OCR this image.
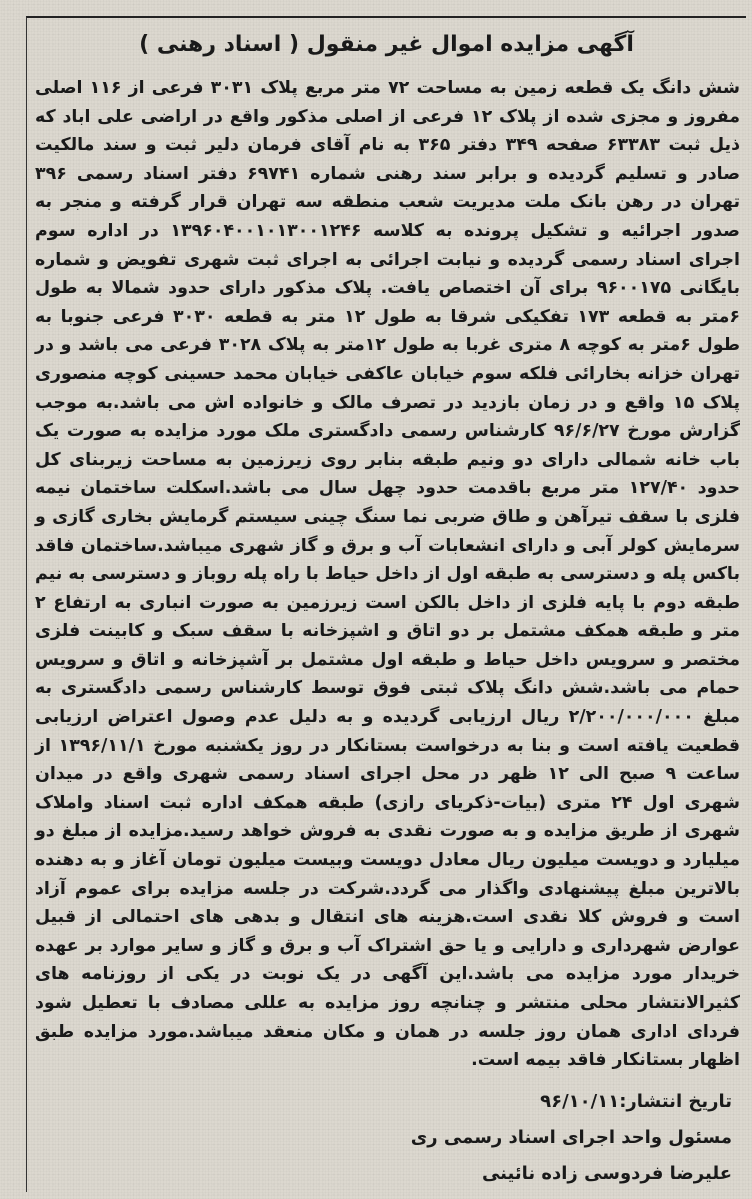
آگهی مزایده اموال غیر منقول ( اسناد رهنی )
شش دانگ یک قطعه زمین به مساحت ۷۲ متر مربع پلاک ۳۰۳۱ فرعی از ۱۱۶ اصلی مفروز و مجزی شده از پلاک ۱۲ فرعی از اصلی مذکور واقع در اراضی علی اباد که ذیل ثبت ۶۳۳۸۳ صفحه ۳۴۹ دفتر ۳۶۵ به نام آقای فرمان دلیر ثبت و سند مالکیت صادر و تسلیم گردیده و برابر سند رهنی شماره ۶۹۷۴۱ دفتر اسناد رسمی ۳۹۶ تهران در رهن بانک ملت مدیریت شعب منطقه سه تهران قرار گرفته و منجر به صدور اجرائیه و تشکیل پرونده به کلاسه ۱۳۹۶۰۴۰۰۱۰۱۳۰۰۱۲۴۶ در اداره سوم اجرای اسناد رسمی گردیده و نیابت اجرائی به اجرای ثبت شهری تفویض و شماره بایگانی ۹۶۰۰۱۷۵ برای آن اختصاص یافت. پلاک مذکور دارای حدود شمالا به طول ۶متر به قطعه ۱۷۳ تفکیکی شرقا به طول ۱۲ متر به قطعه ۳۰۳۰ فرعی جنوبا به طول ۶متر به کوچه ۸ متری غربا به طول ۱۲متر به پلاک ۳۰۲۸ فرعی می باشد و در تهران خزانه بخارائی فلکه سوم خیابان عاکفی خیابان محمد حسینی کوچه منصوری پلاک ۱۵ واقع و در زمان بازدید در تصرف مالک و خانواده اش می باشد.به موجب گزارش مورخ ۹۶/۶/۲۷ کارشناس رسمی دادگستری ملک مورد مزایده به صورت یک باب خانه شمالی دارای دو ونیم طبقه بنابر روی زیرزمین به مساحت زیربنای کل حدود ۱۲۷/۴۰ متر مربع باقدمت حدود چهل سال می باشد.اسکلت ساختمان نیمه فلزی با سقف تیرآهن و طاق ضربی نما سنگ چینی سیستم گرمایش بخاری گازی و سرمایش کولر آبی و دارای انشعابات آب و برق و گاز شهری میباشد.ساختمان فاقد باکس پله و دسترسی به طبقه اول از داخل حیاط با راه پله روباز و دسترسی به نیم طبقه دوم با پایه فلزی از داخل بالکن است زیرزمین به صورت انباری به ارتفاع ۲ متر و طبقه همکف مشتمل بر دو اتاق و اشپزخانه با سقف سبک و کابینت فلزی مختصر و سرویس داخل حیاط و طبقه اول مشتمل بر آشپزخانه و اتاق و سرویس حمام می باشد.شش دانگ پلاک ثبتی فوق توسط کارشناس رسمی دادگستری به مبلغ ۲/۲۰۰/۰۰۰/۰۰۰ ریال ارزیابی گردیده و به دلیل عدم وصول اعتراض ارزیابی قطعیت یافته است و بنا به درخواست بستانکار در روز یکشنبه مورخ ۱۳۹۶/۱۱/۱ از ساعت ۹ صبح الی ۱۲ ظهر در محل اجرای اسناد رسمی شهری واقع در میدان شهری اول ۲۴ متری (بیات-ذکریای رازی) طبقه همکف اداره ثبت اسناد واملاک شهری از طریق مزایده و به صورت نقدی به فروش خواهد رسید.مزایده از مبلغ دو میلیارد و دویست میلیون ریال معادل دویست وبیست میلیون تومان آغاز و به دهنده بالاترین مبلغ پیشنهادی واگذار می گردد.شرکت در جلسه مزایده برای عموم آزاد است و فروش کلا نقدی است.هزینه های انتقال و بدهی های احتمالی از قبیل عوارض شهرداری و دارایی و یا حق اشتراک آب و برق و گاز و سایر موارد بر عهده خریدار مورد مزایده می باشد.این آگهی در یک نوبت در یکی از روزنامه های کثیرالانتشار محلی منتشر و چنانچه روز مزایده به عللی مصادف با تعطیل شود فردای اداری همان روز جلسه در همان و مکان منعقد میباشد.مورد مزایده طبق اظهار بستانکار فاقد بیمه است.
تاریخ انتشار:۹۶/۱۰/۱۱
مسئول واحد اجرای اسناد رسمی ری
علیرضا فردوسی زاده نائینی
